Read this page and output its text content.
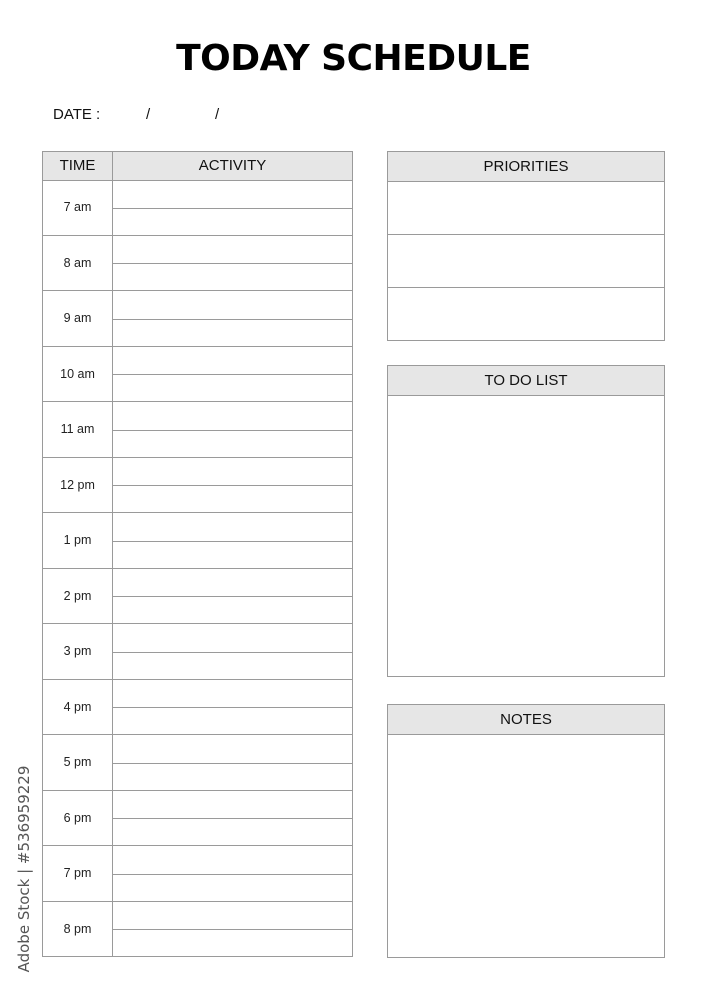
TODAY SCHEDULE
DATE :	/	/
TIME	ACTIVITY
7 am
8 am
9 am
10 am
11 am
12 pm
1 pm
2 pm
3 pm
4 pm
5 pm
6 pm
7 pm
8 pm
PRIORITIES
TO DO LIST
NOTES
Adobe Stock | #536959229
